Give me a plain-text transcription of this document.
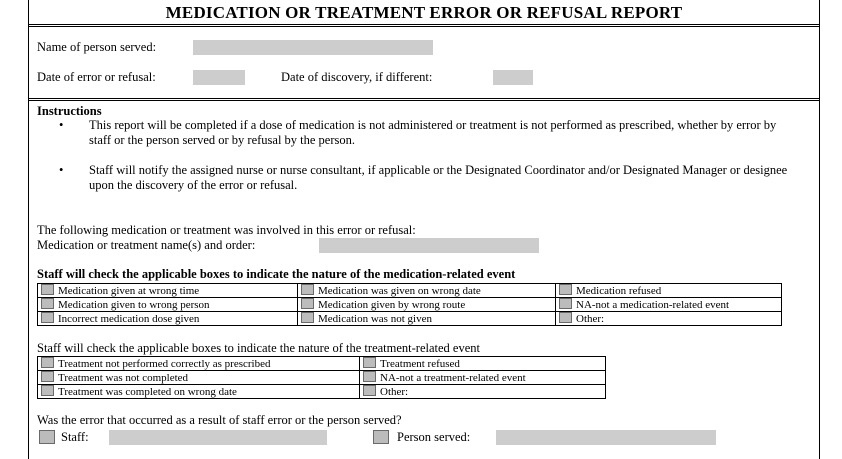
MEDICATION OR TREATMENT ERROR OR REFUSAL REPORT
Name of person served:
Date of error or refusal:	Date of discovery, if different:
Instructions
• This report will be completed if a dose of medication is not administered or treatment is not performed as prescribed, whether by error by staff or the person served or by refusal by the person.
• Staff will notify the assigned nurse or nurse consultant, if applicable or the Designated Coordinator and/or Designated Manager or designee upon the discovery of the error or refusal.
The following medication or treatment was involved in this error or refusal:
Medication or treatment name(s) and order:
Staff will check the applicable boxes to indicate the nature of the medication-related event
Medication given at wrong time	Medication was given on wrong date	Medication refused
Medication given to wrong person	Medication given by wrong route	NA-not a medication-related event
Incorrect medication dose given	Medication was not given	Other:
Staff will check the applicable boxes to indicate the nature of the treatment-related event
Treatment not performed correctly as prescribed	Treatment refused
Treatment was not completed	NA-not a treatment-related event
Treatment was completed on wrong date	Other:
Was the error that occurred as a result of staff error or the person served?
Staff:	Person served:
